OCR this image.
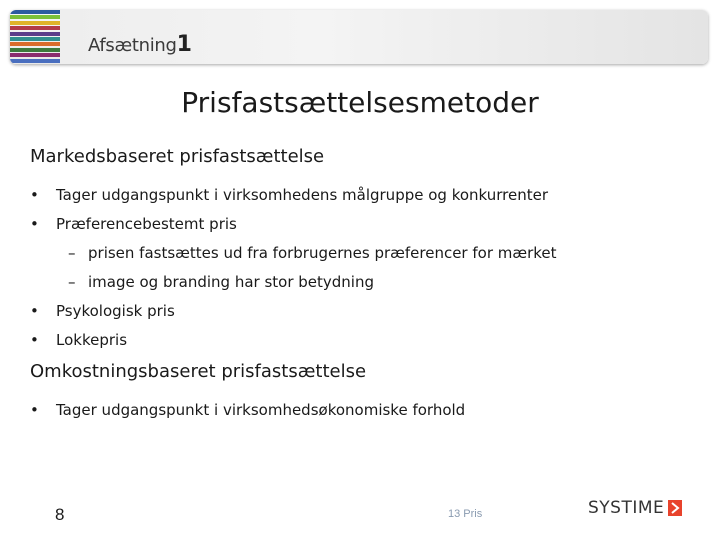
Afsætning1
Prisfastsættelsesmetoder
Markedsbaseret prisfastsættelse
• Tager udgangspunkt i virksomhedens målgruppe og konkurrenter
• Præferencebestemt pris
– prisen fastsættes ud fra forbrugernes præferencer for mærket
– image og branding har stor betydning
• Psykologisk pris
• Lokkepris
Omkostningsbaseret prisfastsættelse
• Tager udgangspunkt i virksomhedsøkonomiske forhold
8	13 Pris	SYSTIME
